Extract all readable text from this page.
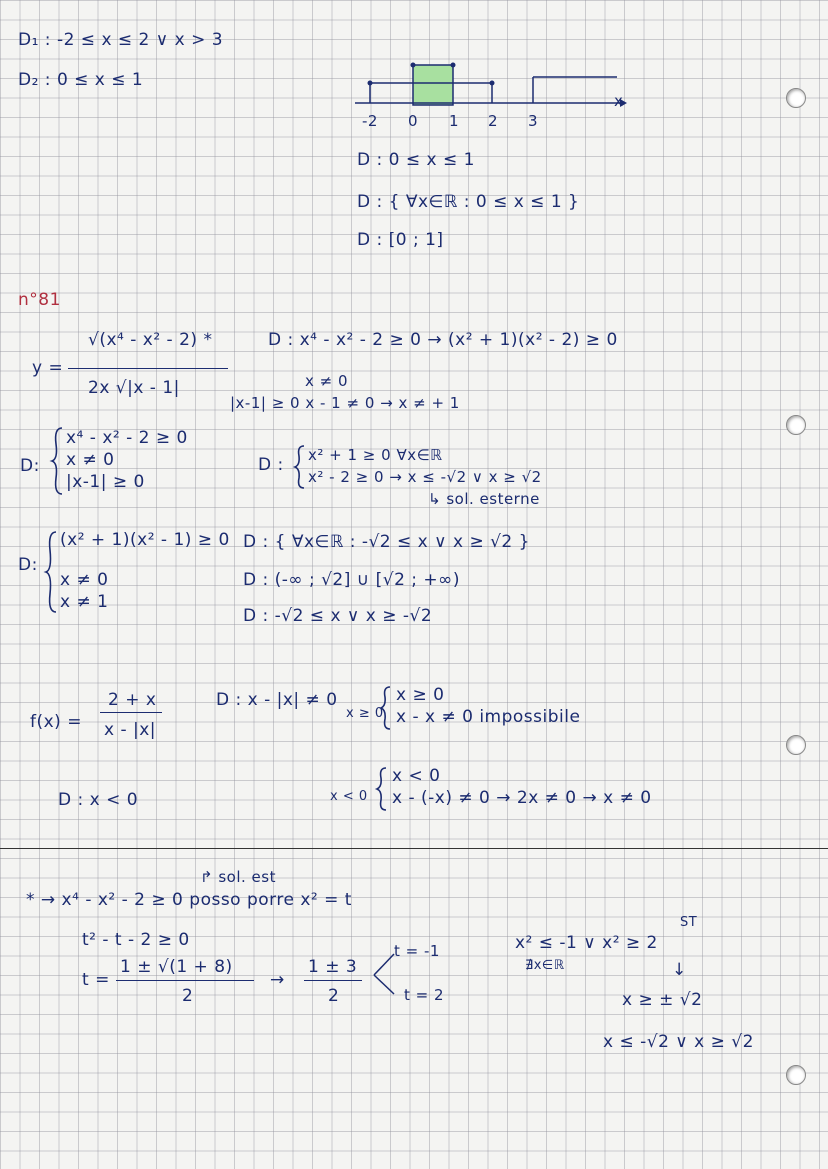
D₁ : -2 ≤ x ≤ 2 ∨ x > 3
D₂ : 0 ≤ x ≤ 1
-2 0 1 2 3
x
D : 0 ≤ x ≤ 1
D : { ∀x∈ℝ : 0 ≤ x ≤ 1 }
D : [0 ; 1]
n°81
y =
√(x⁴ - x² - 2) *
2x √|x - 1|
D : x⁴ - x² - 2 ≥ 0 → (x² + 1)(x² - 2) ≥ 0
x ≠ 0
|x-1| ≥ 0 x - 1 ≠ 0 → x ≠ + 1
D:
x⁴ - x² - 2 ≥ 0
x ≠ 0
|x-1| ≥ 0
D : x² + 1 ≥ 0 ∀x∈ℝ
x² - 2 ≥ 0 → x ≤ -√2 ∨ x ≥ √2
↳ sol. esterne
D:
(x² + 1)(x² - 1) ≥ 0
x ≠ 0
x ≠ 1
D : { ∀x∈ℝ : -√2 ≤ x ∨ x ≥ √2 }
D : (-∞ ; √2] ∪ [√2 ; +∞)
D : -√2 ≤ x ∨ x ≥ -√2
f(x) =
2 + x
x - |x|
D : x - |x| ≠ 0
x ≥ 0
x ≥ 0
x - x ≠ 0 impossibile
D : x < 0	x < 0
x < 0
x - (-x) ≠ 0 → 2x ≠ 0 → x ≠ 0
↱ sol. est
* → x⁴ - x² - 2 ≥ 0 posso porre x² = t
t² - t - 2 ≥ 0
t =
1 ± √(1 + 8)
2
→
1 ± 3
2
t = -1
t = 2
ST
x² ≤ -1 ∨ x² ≥ 2
∄x∈ℝ	↓
x ≥ ± √2
x ≤ -√2 ∨ x ≥ √2
